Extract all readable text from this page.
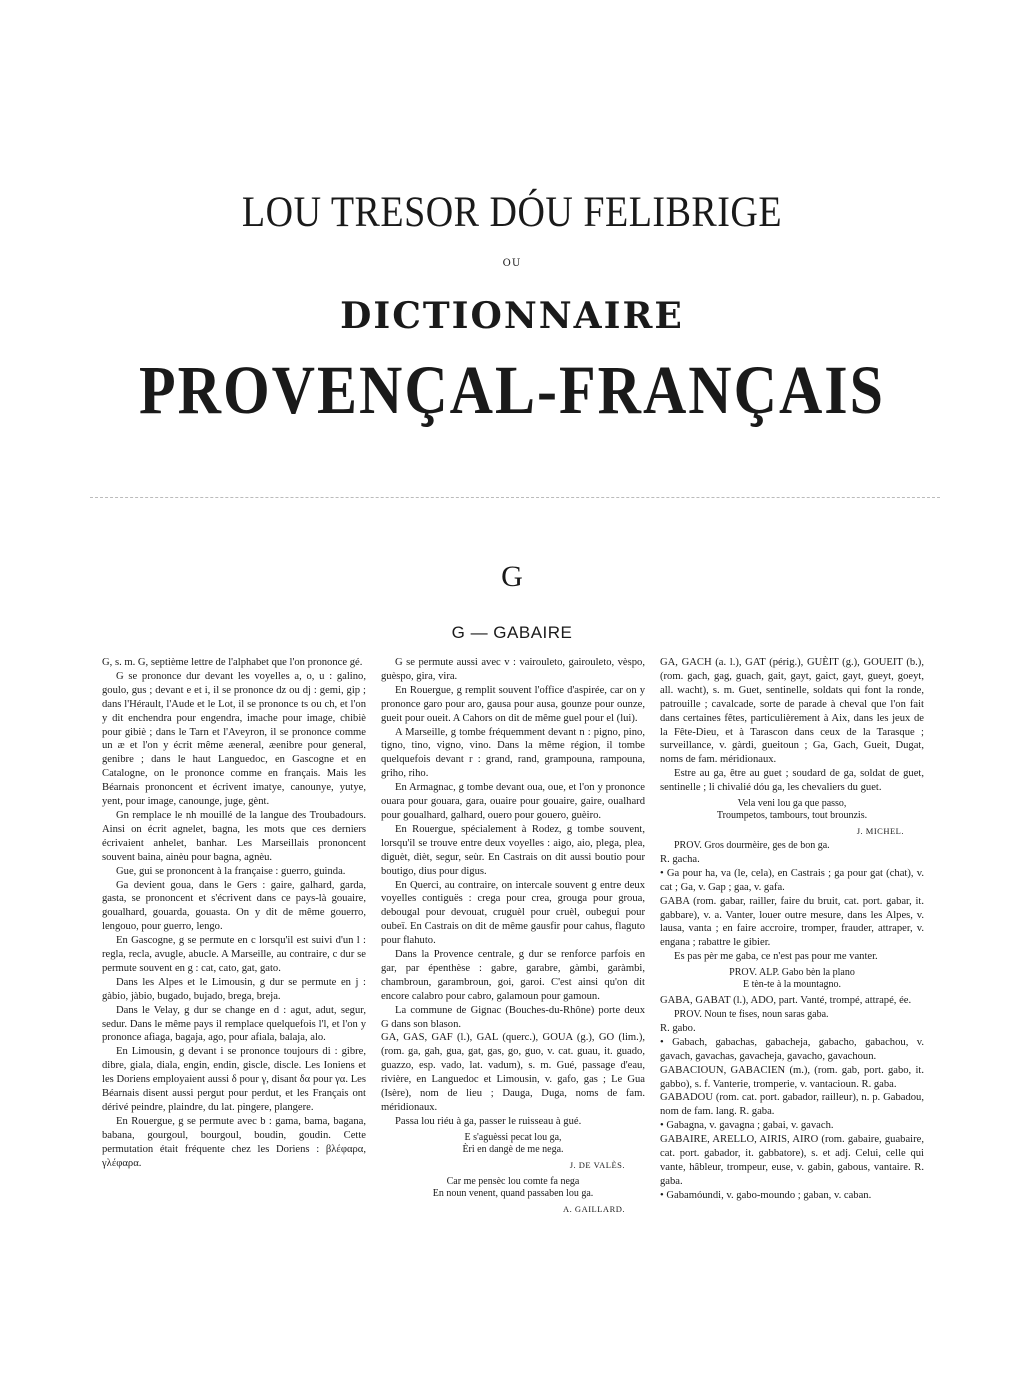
LOU TRESOR DÓU FELIBRIGE
OU
DICTIONNAIRE
PROVENÇAL-FRANÇAIS
G
G — GABAIRE

G, s. m. G, septième lettre de l'alphabet que l'on prononce gé.

G se prononce dur devant les voyelles a, o, u : galino, goulo, gus ; devant e et i, il se prononce dz ou dj : gemi, gip ; dans l'Hérault, l'Aude et le Lot, il se prononce ts ou ch, et l'on y dit enchendra pour engendra, imache pour image, chibiè pour gibiè ; dans le Tarn et l'Aveyron, il se prononce comme un æ et l'on y écrit même æeneral, æenibre pour general, genibre ; dans le haut Languedoc, en Gascogne et en Catalogne, on le prononce comme en français. Mais les Béarnais prononcent et écrivent imatye, canounye, yutye, yent, pour image, canounge, juge, gènt.

Gn remplace le nh mouillé de la langue des Troubadours. Ainsi on écrit agnelet, bagna, les mots que ces derniers écrivaient anhelet, banhar. Les Marseillais prononcent souvent baina, ainèu pour bagna, agnèu.

Gue, gui se prononcent à la française : guerro, guinda.

Ga devient goua, dans le Gers : gaire, galhard, garda, gasta, se prononcent et s'écrivent dans ce pays-là gouaire, goualhard, gouarda, gouasta. On y dit de même gouerro, lengouo, pour guerro, lengo.

En Gascogne, g se permute en c lorsqu'il est suivi d'un l : regla, recla, avugle, abucle. A Marseille, au contraire, c dur se permute souvent en g : cat, cato, gat, gato.

Dans les Alpes et le Limousin, g dur se permute en j : gàbio, jàbio, bugado, bujado, brega, breja.

Dans le Velay, g dur se change en d : agut, adut, segur, sedur. Dans le même pays il remplace quelquefois l'l, et l'on y prononce afiaga, bagaja, ago, pour afiala, balaja, alo.

En Limousin, g devant i se prononce toujours di : gibre, dibre, giala, diala, engin, endin, giscle, discle. Les Ioniens et les Doriens employaient aussi δ pour γ, disant δα pour γα. Les Béarnais disent aussi pergut pour perdut, et les Français ont dérivé peindre, plaindre, du lat. pingere, plangere.

En Rouergue, g se permute avec b : gama, bama, bagana, babana, gourgoul, bourgoul, boudin, goudin. Cette permutation était fréquente chez les Doriens : βλέφαρα, γλέφαρα.

G se permute aussi avec v : vairouleto, gairouleto, vèspo, guèspo, gira, vira.

En Rouergue, g remplit souvent l'office d'aspirée, car on y prononce garo pour aro, gausa pour ausa, gounze pour ounze, gueit pour oueit. A Cahors on dit de même guel pour el (lui).

A Marseille, g tombe fréquemment devant n : pigno, pino, tigno, tino, vigno, vino. Dans la même région, il tombe quelquefois devant r : grand, rand, grampouna, rampouna, griho, riho.

En Armagnac, g tombe devant oua, oue, et l'on y prononce ouara pour gouara, gara, ouaire pour gouaire, gaire, oualhard pour goualhard, galhard, ouero pour gouero, guèiro.

En Rouergue, spécialement à Rodez, g tombe souvent, lorsqu'il se trouve entre deux voyelles : aigo, aio, plega, plea, diguèt, dièt, segur, seùr. En Castrais on dit aussi boutio pour boutigo, dius pour digus.

En Querci, au contraire, on intercale souvent g entre deux voyelles contiguës : crega pour crea, grouga pour groua, debougal pour devouat, cruguèl pour cruèl, oubegui pour oubeï. En Castrais on dit de même gausfir pour cahus, flaguto pour flahuto.

Dans la Provence centrale, g dur se renforce parfois en gar, par épenthèse : gabre, garabre, gàmbi, garàmbi, chambroun, garambroun, goi, garoi. C'est ainsi qu'on dit encore calabro pour cabro, galamoun pour gamoun.

La commune de Gignac (Bouches-du-Rhône) porte deux G dans son blason.

GA, GAS, GAF (l.), GAL (querc.), GOUA (g.), GO (lim.), (rom. ga, gah, gua, gat, gas, go, guo, v. cat. guau, it. guado, guazzo, esp. vado, lat. vadum), s. m. Gué, passage d'eau, rivière, en Languedoc et Limousin, v. gafo, gas ; Le Gua (Isère), nom de lieu ; Dauga, Duga, noms de fam. méridionaux.

Passa lou riéu à ga, passer le ruisseau à gué.

E s'aguèssi pecat lou ga,
Èri en dangè de me nega.
J. DE VALÈS.
Car me pensèc lou comte fa nega
En noun venent, quand passaben lou ga.
A. GAILLARD.

GA, GACH (a. l.), GAT (périg.), GUÈIT (g.), GOUEIT (b.), (rom. gach, gag, guach, gait, gayt, gaict, gayt, gueyt, goeyt, all. wacht), s. m. Guet, sentinelle, soldats qui font la ronde, patrouille ; cavalcade, sorte de parade à cheval que l'on fait dans certaines fêtes, particulièrement à Aix, dans les jeux de la Fête-Dieu, et à Tarascon dans ceux de la Tarasque ; surveillance, v. gàrdi, gueitoun ; Ga, Gach, Gueit, Dugat, noms de fam. méridionaux.

Estre au ga, être au guet ; soudard de ga, soldat de guet, sentinelle ; li chivalié dóu ga, les chevaliers du guet.

Vela veni lou ga que passo,
Troumpetos, tambours, tout brounzis.
J. MICHEL.

PROV. Gros dourmèire, ges de bon ga.

R. gacha.

• Ga pour ha, va (le, cela), en Castrais ; ga pour gat (chat), v. cat ; Ga, v. Gap ; gaa, v. gafa.

GABA (rom. gabar, railler, faire du bruit, cat. port. gabar, it. gabbare), v. a. Vanter, louer outre mesure, dans les Alpes, v. lausa, vanta ; en faire accroire, tromper, frauder, attraper, v. engana ; rabattre le gibier.

Es pas pèr me gaba, ce n'est pas pour me vanter.

PROV. ALP. Gabo bèn la plano
E tèn-te à la mountagno.

GABA, GABAT (l.), ADO, part. Vanté, trompé, attrapé, ée.

PROV. Noun te fises, noun saras gaba.

R. gabo.

• Gabach, gabachas, gabacheja, gabacho, gabachou, v. gavach, gavachas, gavacheja, gavacho, gavachoun.

GABACIOUN, GABACIEN (m.), (rom. gab, port. gabo, it. gabbo), s. f. Vanterie, tromperie, v. vantacioun. R. gaba.

GABADOU (rom. cat. port. gabador, railleur), n. p. Gabadou, nom de fam. lang. R. gaba.

• Gabagna, v. gavagna ; gabai, v. gavach.

GABAIRE, ARELLO, AIRIS, AIRO (rom. gabaire, guabaire, cat. port. gabador, it. gabbatore), s. et adj. Celui, celle qui vante, hâbleur, trompeur, euse, v. gabin, gabous, vantaire. R. gaba.

• Gabamóundi, v. gabo-moundo ; gaban, v. caban.
